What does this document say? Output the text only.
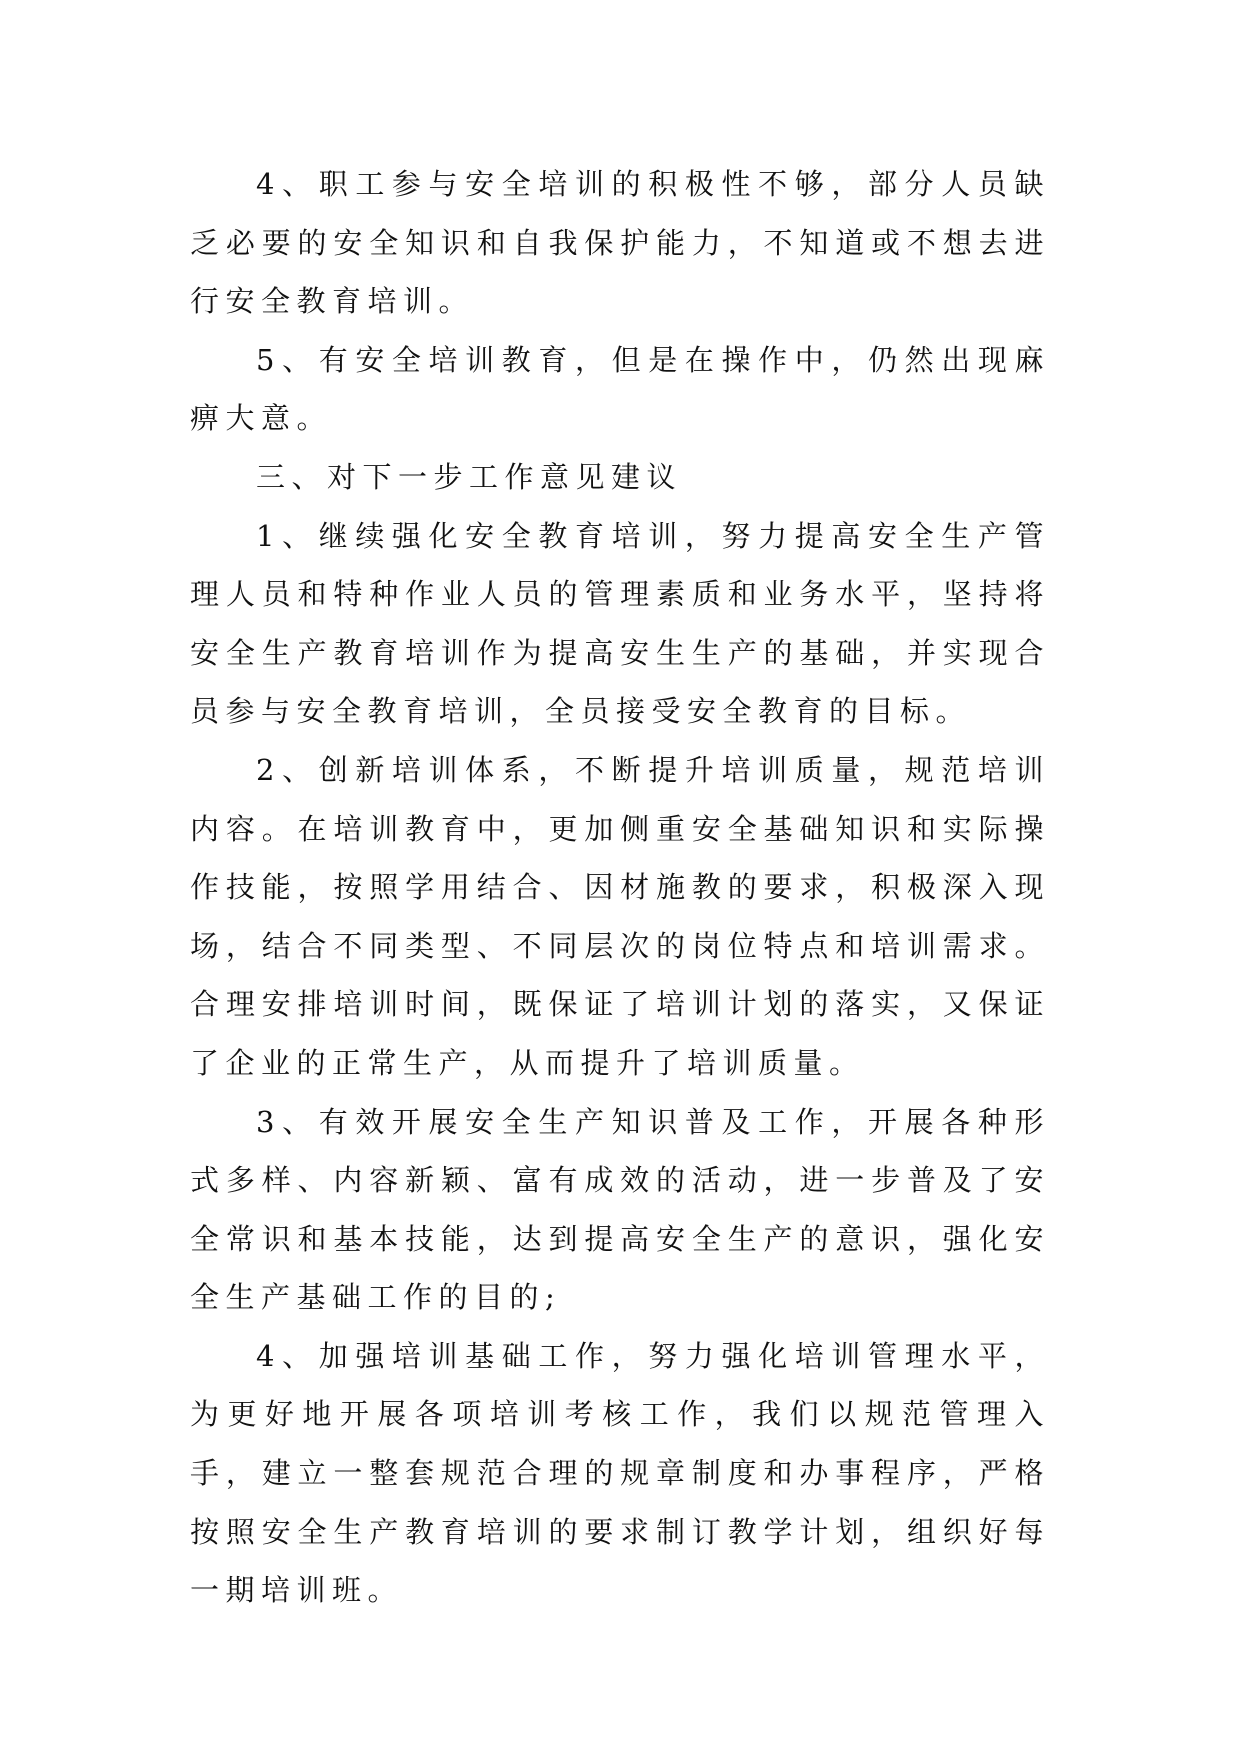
4、职工参与安全培训的积极性不够，部分人员缺乏必要的安全知识和自我保护能力，不知道或不想去进行安全教育培训。

5、有安全培训教育，但是在操作中，仍然出现麻痹大意。

三、对下一步工作意见建议

1、继续强化安全教育培训，努力提高安全生产管理人员和特种作业人员的管理素质和业务水平，坚持将安全生产教育培训作为提高安生生产的基础，并实现合员参与安全教育培训，全员接受安全教育的目标。

2、创新培训体系，不断提升培训质量，规范培训内容。在培训教育中，更加侧重安全基础知识和实际操作技能，按照学用结合、因材施教的要求，积极深入现场，结合不同类型、不同层次的岗位特点和培训需求。合理安排培训时间，既保证了培训计划的落实，又保证了企业的正常生产，从而提升了培训质量。

3、有效开展安全生产知识普及工作，开展各种形式多样、内容新颖、富有成效的活动，进一步普及了安全常识和基本技能，达到提高安全生产的意识，强化安全生产基础工作的目的;

4、加强培训基础工作，努力强化培训管理水平，为更好地开展各项培训考核工作，我们以规范管理入手，建立一整套规范合理的规章制度和办事程序，严格按照安全生产教育培训的要求制订教学计划，组织好每一期培训班。
